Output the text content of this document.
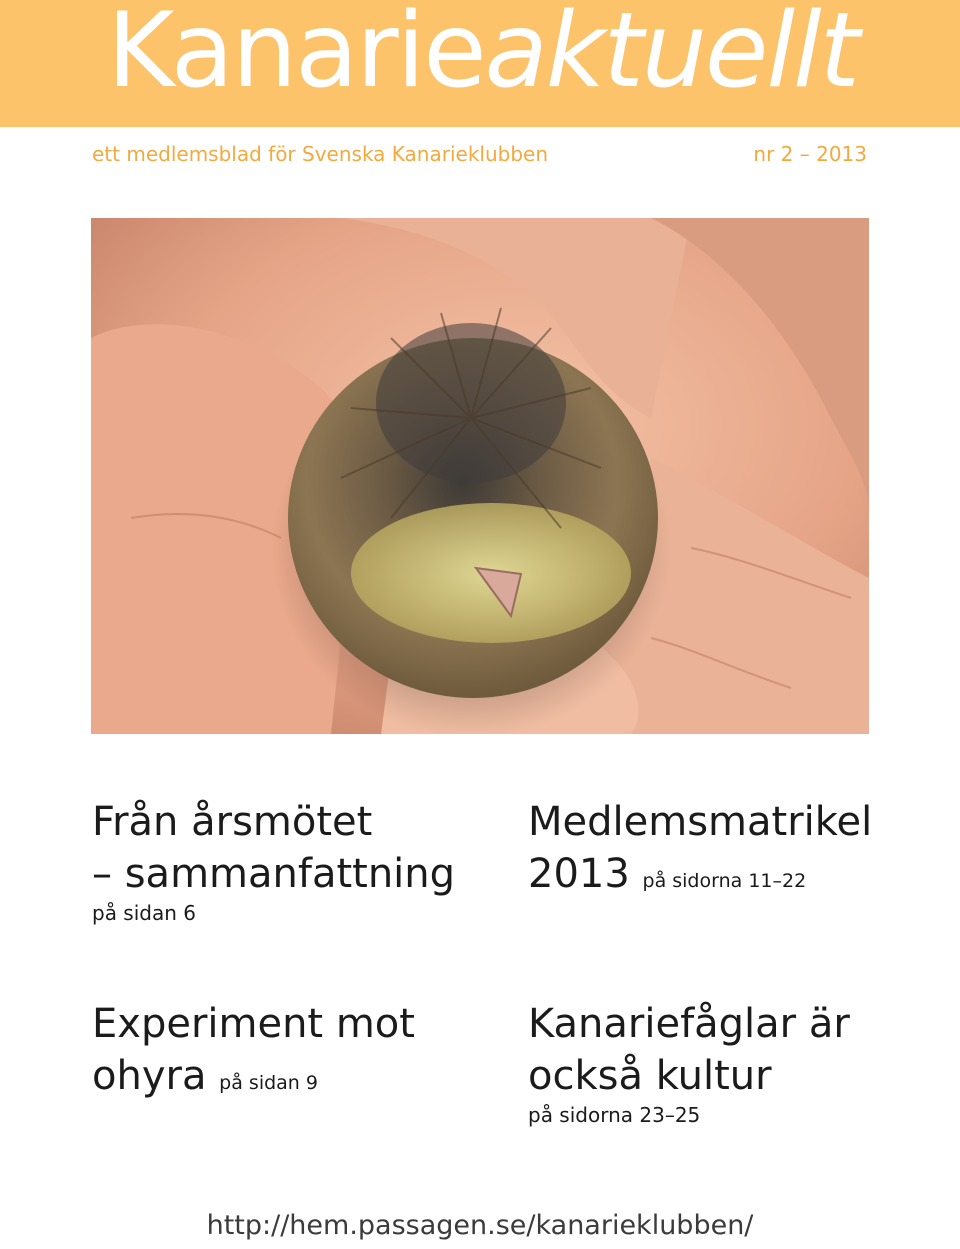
Kanarieaktuellt
ett medlemsblad för Svenska Kanarieklubben	nr 2 – 2013
Från årsmötet
– sammanfattning
på sidan 6
Medlemsmatrikel
2013 på sidorna 11–22
Experiment mot
ohyra på sidan 9
Kanariefåglar är
också kultur
på sidorna 23–25
http://hem.passagen.se/kanarieklubben/
